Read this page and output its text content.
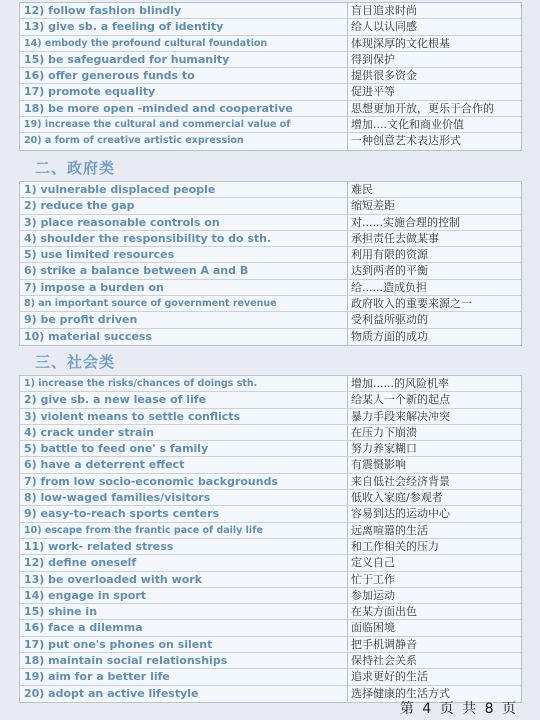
12) follow fashion blindly	盲目追求时尚
13) give sb. a feeling of identity	给人以认同感
14) embody the profound cultural foundation	体现深厚的文化根基
15) be safeguarded for humanity	得到保护
16) offer generous funds to	提供很多资金
17) promote equality	促进平等
18) be more open -minded and cooperative	思想更加开放，更乐于合作的
19) increase the cultural and commercial value of	增加....文化和商业价值
20) a form of creative artistic expression	一种创意艺术表达形式
二、政府类
1) vulnerable displaced people	难民
2) reduce the gap	缩短差距
3) place reasonable controls on	对......实施合理的控制
4) shoulder the responsibility to do sth.	承担责任去做某事
5) use limited resources	利用有限的资源
6) strike a balance between A and B	达到两者的平衡
7) impose a burden on	给......造成负担
8) an important source of government revenue	政府收入的重要来源之一
9) be profit driven	受利益所驱动的
10) material success	物质方面的成功
三、社会类
1) increase the risks/chances of doings sth.	增加......的风险机率
2) give sb. a new lease of life	给某人一个新的起点
3) violent means to settle conflicts	暴力手段来解决冲突
4) crack under strain	在压力下崩溃
5) battle to feed one' s family	努力养家糊口
6) have a deterrent effect	有震慑影响
7) from low socio-economic backgrounds	来自低社会经济背景
8) low-waged families/visitors	低收入家庭/参观者
9) easy-to-reach sports centers	容易到达的运动中心
10) escape from the frantic pace of daily life	远离喧嚣的生活
11) work- related stress	和工作相关的压力
12) define oneself	定义自己
13) be overloaded with work	忙于工作
14) engage in sport	参加运动
15) shine in	在某方面出色
16) face a dilemma	面临困境
17) put one's phones on silent	把手机调静音
18) maintain social relationships	保持社会关系
19) aim for a better life	追求更好的生活
20) adopt an active lifestyle	选择健康的生活方式
第 4 页 共 8 页
